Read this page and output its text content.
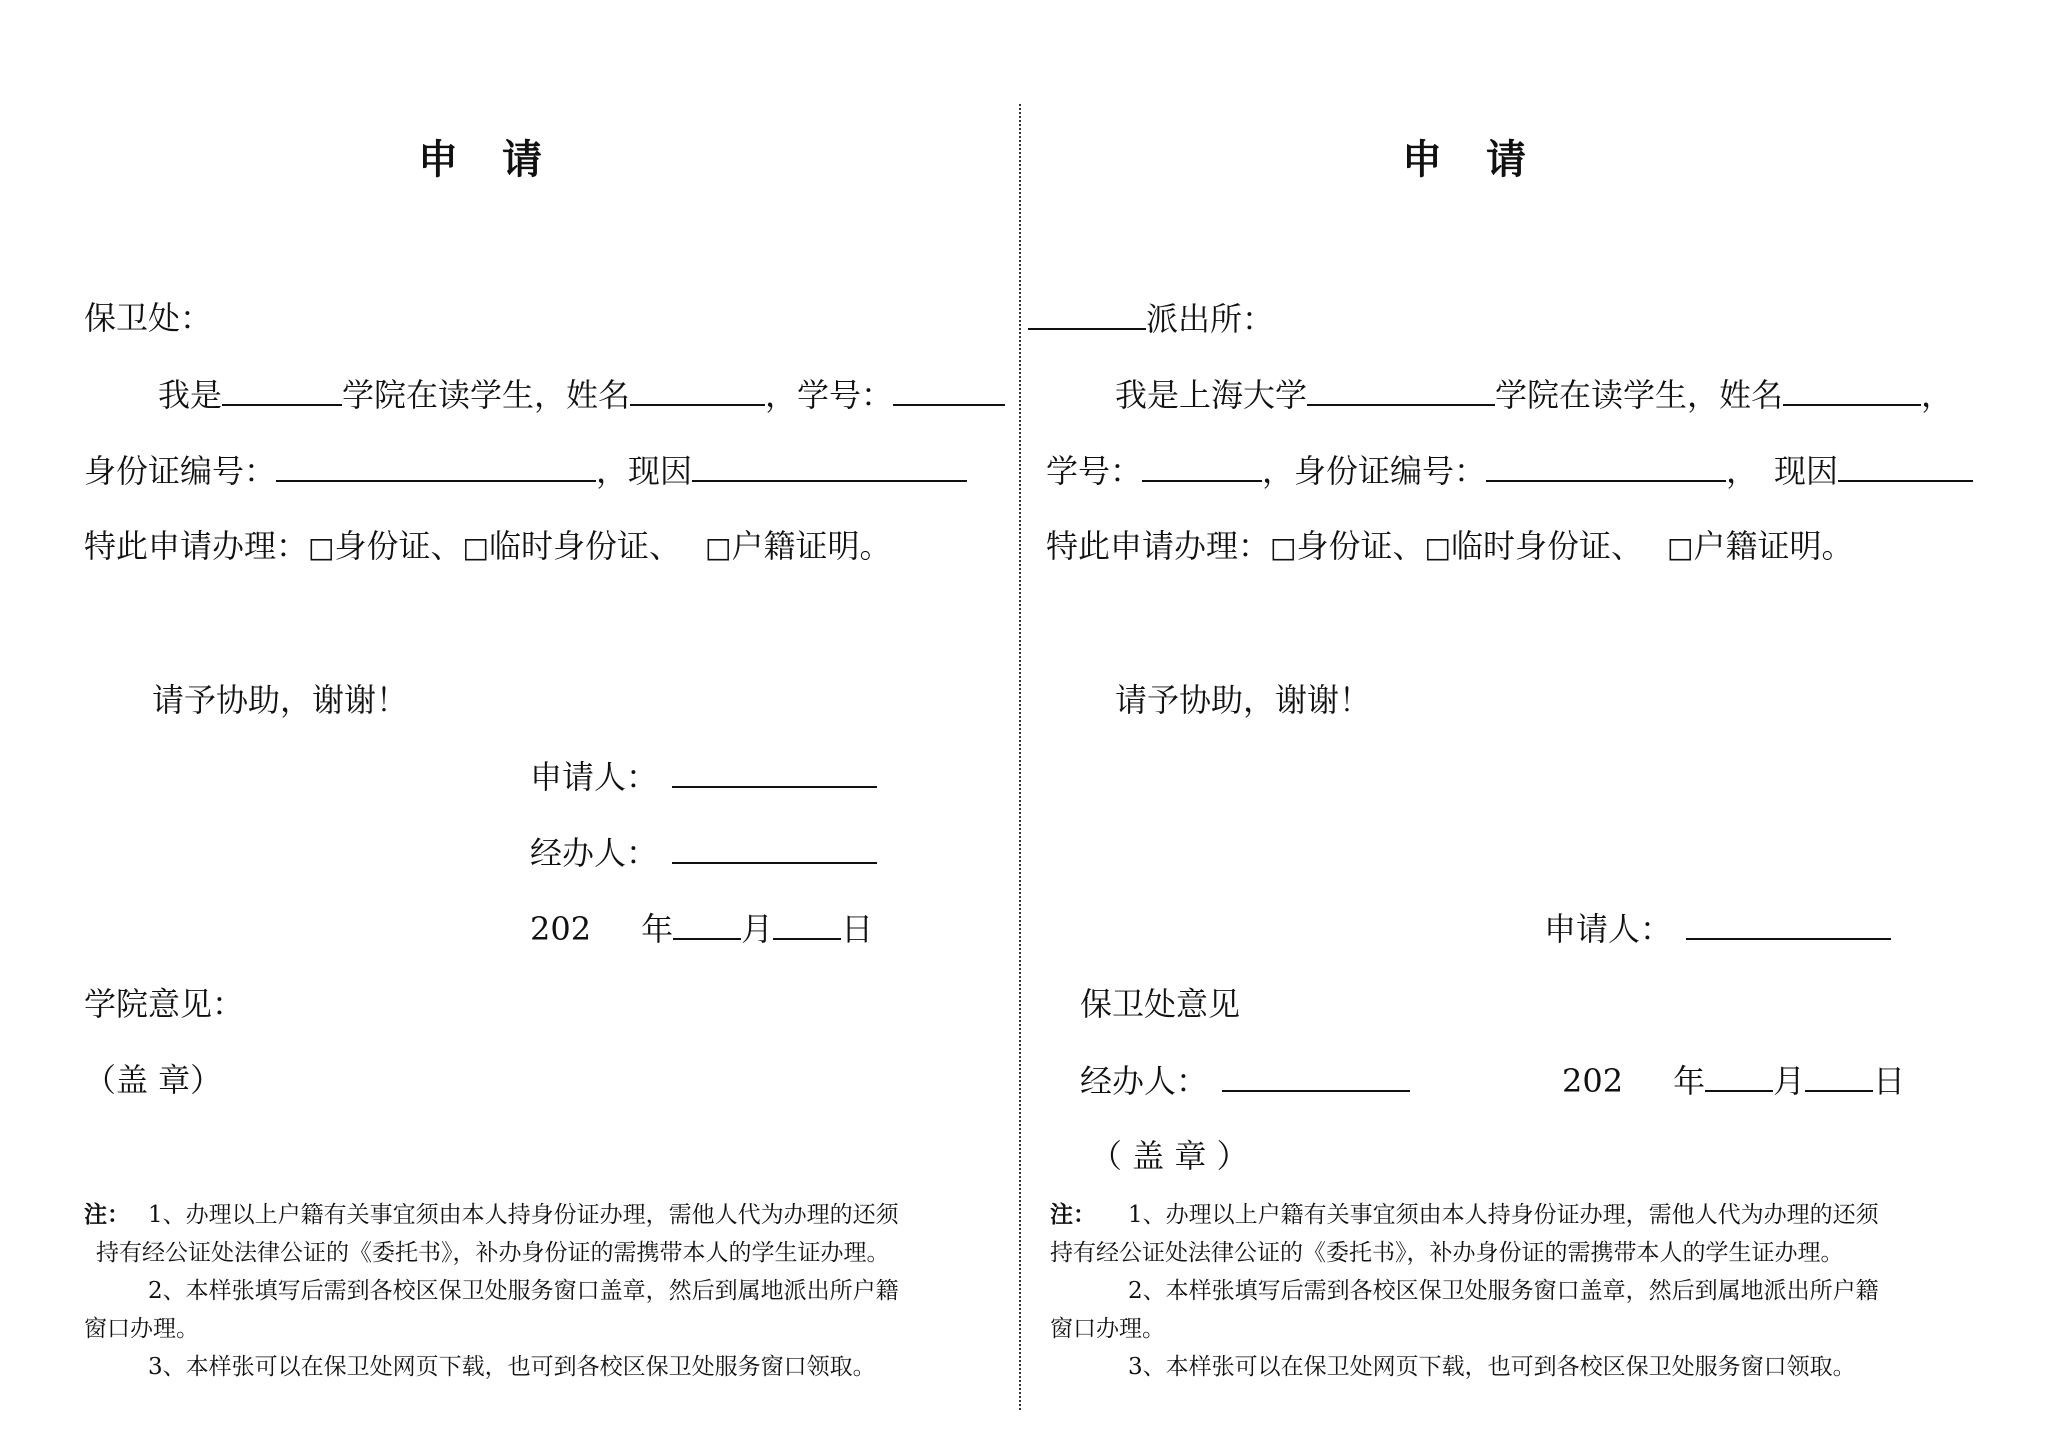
申　请
保卫处：
我是	学院在读学生，姓名	，学号：
身份证编号：	，现因
特此申请办理：□身份证、□临时身份证、 □户籍证明。
请予协助，谢谢！
申请人：
经办人：
202 年 月 日
学院意见：
（盖 章）
注： 1、办理以上户籍有关事宜须由本人持身份证办理，需他人代为办理的还须
持有经公证处法律公证的《委托书》，补办身份证的需携带本人的学生证办理。
2、本样张填写后需到各校区保卫处服务窗口盖章，然后到属地派出所户籍
窗口办理。
3、本样张可以在保卫处网页下载，也可到各校区保卫处服务窗口领取。
申　请
派出所：
我是上海大学	学院在读学生，姓名	，
学号：	，身份证编号：	，　现因
特此申请办理：□身份证、□临时身份证、 □户籍证明。
请予协助，谢谢！
申请人：
保卫处意见
经办人：	202 年 月 日
（ 盖 章 ）
注： 1、办理以上户籍有关事宜须由本人持身份证办理，需他人代为办理的还须
持有经公证处法律公证的《委托书》，补办身份证的需携带本人的学生证办理。
2、本样张填写后需到各校区保卫处服务窗口盖章，然后到属地派出所户籍
窗口办理。
3、本样张可以在保卫处网页下载，也可到各校区保卫处服务窗口领取。
